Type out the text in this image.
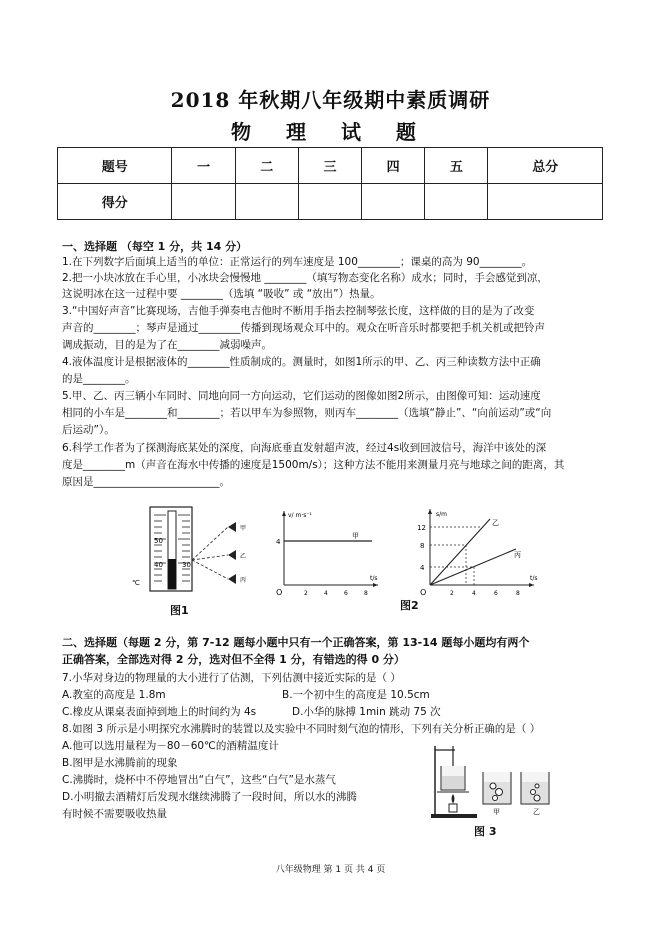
2018 年秋期八年级期中素质调研
物 理 试 题
题号	一	二	三	四	五	总分
得分						
一、选择题 （每空 1 分，共 14 分）
1.在下列数字后面填上适当的单位：正常运行的列车速度是 100________；课桌的高为 90________。
2.把一小块冰放在手心里，小冰块会慢慢地 ________（填写物态变化名称）成水；同时，手会感觉到凉，
这说明冰在这一过程中要 ________（选填 “吸收” 或 “放出”）热量。
3.“中国好声音”比赛现场，吉他手弹奏电吉他时不断用手指去控制琴弦长度，这样做的目的是为了改变
声音的________；琴声是通过________传播到现场观众耳中的。观众在听音乐时都要把手机关机或把铃声
调成振动，目的是为了在________减弱噪声。
4.液体温度计是根据液体的________性质制成的。测量时，如图1所示的甲、乙、丙三种读数方法中正确
的是________。
5.甲、乙、丙三辆小车同时、同地向同一方向运动，它们运动的图像如图2所示，由图像可知：运动速度
相同的小车是________和________；若以甲车为参照物，则丙车________（选填“静止”、“向前运动”或“向
后运动”）。
6.科学工作者为了探测海底某处的深度，向海底垂直发射超声波，经过4s收到回波信号，海洋中该处的深
度是________m（声音在海水中传播的速度是1500m/s）；这种方法不能用来测量月亮与地球之间的距离，其
原因是________________________。
50
40	30
℃
甲
乙
丙
图1
甲
v/ m·s⁻¹
4
O	2	4	6	8
t/s
s/m
乙
丙
12
8
4
O	2	4	6	8
t/s
图2
二、选择题（每题 2 分，第 7-12 题每小题中只有一个正确答案，第 13-14 题每小题均有两个
正确答案，全部选对得 2 分，选对但不全得 1 分，有错选的得 0 分）
7.小华对身边的物理量的大小进行了估测，下列估测中接近实际的是（ ）
A.教室的高度是 1.8m	B.一个初中生的高度是 10.5cm
C.橡皮从课桌表面掉到地上的时间约为 4s	D.小华的脉搏 1min 跳动 75 次
8.如图 3 所示是小明探究水沸腾时的装置以及实验中不同时刻气泡的情形，下列有关分析正确的是（ ）
A.他可以选用量程为－80－60℃的酒精温度计
B.图甲是水沸腾前的现象
C.沸腾时，烧杯中不停地冒出“白气”，这些“白气”是水蒸气
D.小明撤去酒精灯后发现水继续沸腾了一段时间，所以水的沸腾
有时候不需要吸收热量	甲	乙
图 3
八年级物理 第 1 页 共 4 页
